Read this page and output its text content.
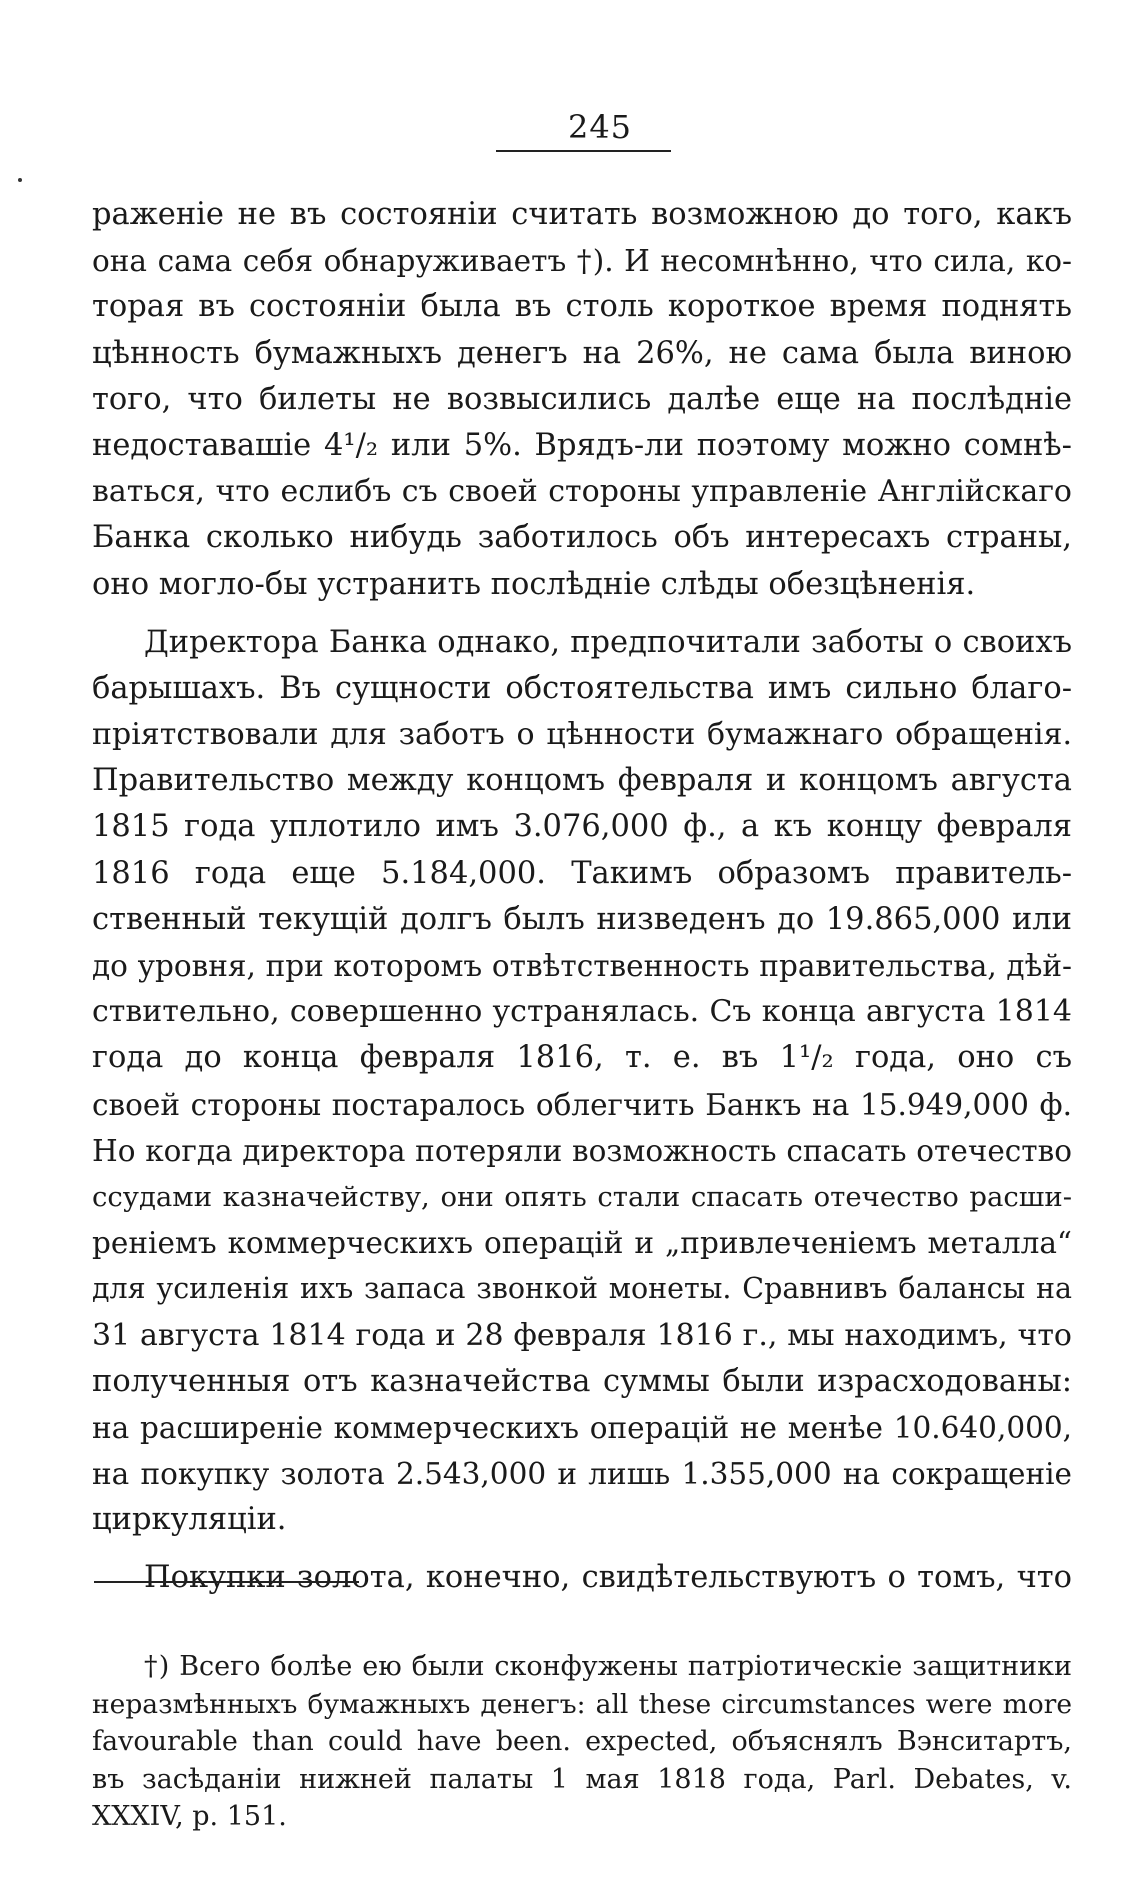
245
раженіе не въ состояніи считать возможною до того, какъ
она сама себя обнаруживаетъ †). И несомнѣнно, что сила, ко-
торая въ состояніи была въ столь короткое время поднять
цѣнность бумажныхъ денегъ на 26%, не сама была виною
того, что билеты не возвысились далѣе еще на послѣдніе
недоставашіе 4¹/₂ или 5%. Врядъ-ли поэтому можно сомнѣ-
ваться, что еслибъ съ своей стороны управленіе Англійскаго
Банка сколько нибудь заботилось объ интересахъ страны,
оно могло-бы устранить послѣдніе слѣды обезцѣненія.
Директора Банка однако, предпочитали заботы о своихъ
барышахъ. Въ сущности обстоятельства имъ сильно благо-
пріятствовали для заботъ о цѣнности бумажнаго обращенія.
Правительство между концомъ февраля и концомъ августа
1815 года уплотило имъ 3.076,000 ф., а къ концу февраля
1816 года еще 5.184,000. Такимъ образомъ правитель-
ственный текущій долгъ былъ низведенъ до 19.865,000 или
до уровня, при которомъ отвѣтственность правительства, дѣй-
ствительно, совершенно устранялась. Съ конца августа 1814
года до конца февраля 1816, т. е. въ 1¹/₂ года, оно съ
своей стороны постаралось облегчить Банкъ на 15.949,000 ф.
Но когда директора потеряли возможность спасать отечество
ссудами казначейству, они опять стали спасать отечество расши-
реніемъ коммерческихъ операцій и „привлеченіемъ металла“
для усиленія ихъ запаса звонкой монеты. Сравнивъ балансы на
31 августа 1814 года и 28 февраля 1816 г., мы находимъ, что
полученныя отъ казначейства суммы были израсходованы:
на расширеніе коммерческихъ операцій не менѣе 10.640,000,
на покупку золота 2.543,000 и лишь 1.355,000 на сокращеніе
циркуляціи.
Покупки золота, конечно, свидѣтельствуютъ о томъ, что
†) Всего болѣе ею были сконфужены патріотическіе защитники
неразмѣнныхъ бумажныхъ денегъ: all these circumstances were more
favourable than could have been. expected, объяснялъ Вэнситартъ,
въ засѣданіи нижней палаты 1 мая 1818 года, Parl. Debates, v.
XXXIV, p. 151.
